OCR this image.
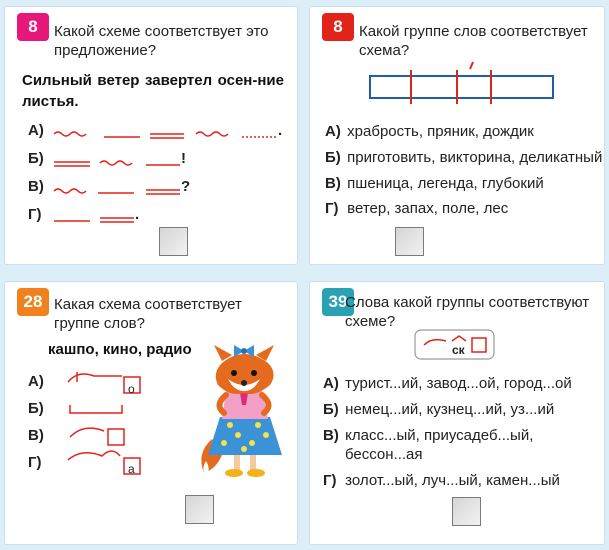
8	Какой схеме соответствует это предложение?
Сильный ветер завертел осен-ние листья.
А)	.
Б)	!
В)	?
Г)	.
8	Какой группе слов соответствует схема?
А) храбрость, пряник, дождик
Б) приготовить, викторина, деликатный
В) пшеница, легенда, глубокий
Г) ветер, запах, поле, лес
28 Какая схема соответствует группе слов?
кашпо, кино, радио
А)	о
Б)
В)
Г)	а
39
Слова какой группы соответствуют схеме?
ск
А) турист...ий, завод...ой, город...ой
Б) немец...ий, кузнец...ий, уз...ий
В) класс...ый, приусадеб...ый,
бессон...ая
Г) золот...ый, луч...ый, камен...ый
